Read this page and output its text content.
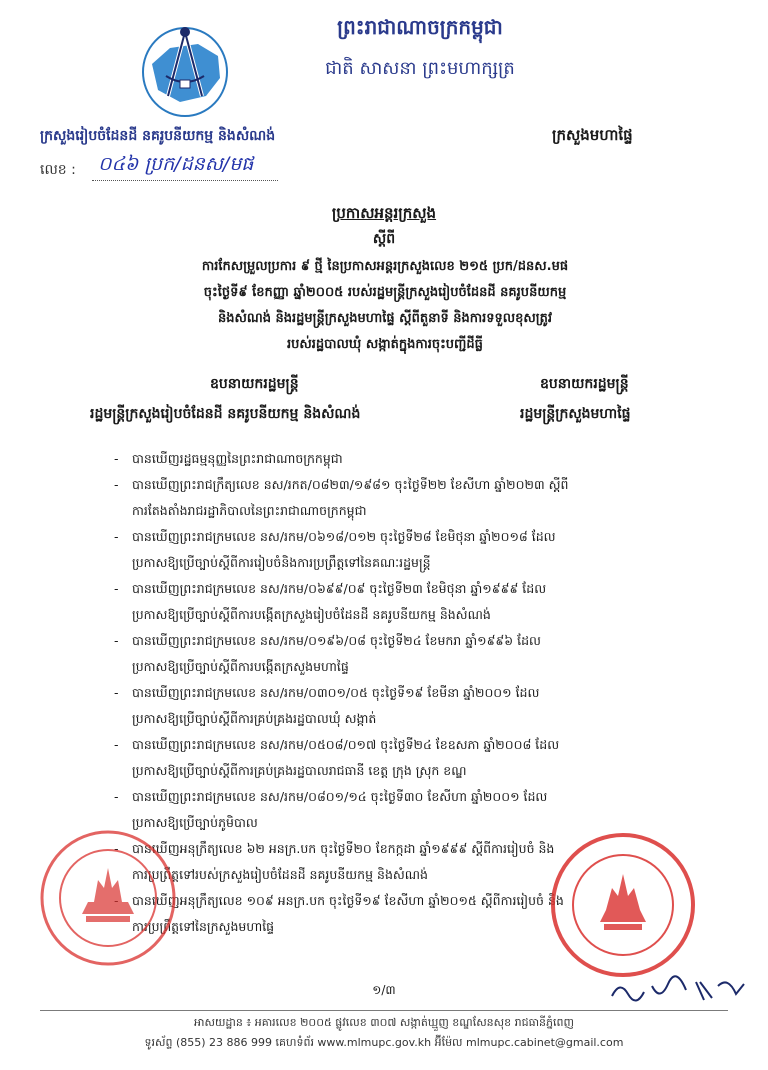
ព្រះរាជាណាចក្រកម្ពុជា
ជាតិ សាសនា ព្រះមហាក្សត្រ
ក្រសួងរៀបចំដែនដី នគរូបនីយកម្ម និងសំណង់	ក្រសួងមហាផ្ទៃ
លេខ :	០៤៦ ប្រក/ដនស/មផ
ប្រកាសអន្តរក្រសួង
ស្តីពី
ការកែសម្រួលប្រការ ៩ ថ្មី នៃប្រកាសអន្តរក្រសួងលេខ ២១៥ ប្រក/ដនស.មផ
ចុះថ្ងៃទី៩ ខែកញ្ញា ឆ្នាំ២០០៥ របស់រដ្ឋមន្ត្រីក្រសួងរៀបចំដែនដី នគរូបនីយកម្ម
និងសំណង់ និងរដ្ឋមន្ត្រីក្រសួងមហាផ្ទៃ ស្តីពីតួនាទី និងការទទួលខុសត្រូវ
របស់រដ្ឋបាលឃុំ សង្កាត់ក្នុងការចុះបញ្ជីដីធ្លី
ឧបនាយករដ្ឋមន្ត្រី
រដ្ឋមន្ត្រីក្រសួងរៀបចំដែនដី នគរូបនីយកម្ម និងសំណង់
ឧបនាយករដ្ឋមន្ត្រី
រដ្ឋមន្ត្រីក្រសួងមហាផ្ទៃ
- បានឃើញរដ្ឋធម្មនុញ្ញនៃព្រះរាជាណាចក្រកម្ពុជា
- បានឃើញព្រះរាជក្រឹត្យលេខ នស/រកត/០៨២៣/១៩៨១ ចុះថ្ងៃទី២២ ខែសីហា ឆ្នាំ២០២៣ ស្តីពី
ការតែងតាំងរាជរដ្ឋាភិបាលនៃព្រះរាជាណាចក្រកម្ពុជា
- បានឃើញព្រះរាជក្រមលេខ នស/រកម/០៦១៨/០១២ ចុះថ្ងៃទី២៨ ខែមិថុនា ឆ្នាំ២០១៨ ដែល
ប្រកាសឱ្យប្រើច្បាប់ស្តីពីការរៀបចំនិងការប្រព្រឹត្តទៅនៃគណៈរដ្ឋមន្ត្រី
- បានឃើញព្រះរាជក្រមលេខ នស/រកម/០៦៩៩/០៩ ចុះថ្ងៃទី២៣ ខែមិថុនា ឆ្នាំ១៩៩៩ ដែល
ប្រកាសឱ្យប្រើច្បាប់ស្តីពីការបង្កើតក្រសួងរៀបចំដែនដី នគរូបនីយកម្ម និងសំណង់
- បានឃើញព្រះរាជក្រមលេខ នស/រកម/០១៩៦/០៨ ចុះថ្ងៃទី២៤ ខែមករា ឆ្នាំ១៩៩៦ ដែល
ប្រកាសឱ្យប្រើច្បាប់ស្តីពីការបង្កើតក្រសួងមហាផ្ទៃ
- បានឃើញព្រះរាជក្រមលេខ នស/រកម/០៣០១/០៥ ចុះថ្ងៃទី១៩ ខែមីនា ឆ្នាំ២០០១ ដែល
ប្រកាសឱ្យប្រើច្បាប់ស្តីពីការគ្រប់គ្រងរដ្ឋបាលឃុំ សង្កាត់
- បានឃើញព្រះរាជក្រមលេខ នស/រកម/០៥០៨/០១៧ ចុះថ្ងៃទី២៤ ខែឧសភា ឆ្នាំ២០០៨ ដែល
ប្រកាសឱ្យប្រើច្បាប់ស្តីពីការគ្រប់គ្រងរដ្ឋបាលរាជធានី ខេត្ត ក្រុង ស្រុក ខណ្ឌ
- បានឃើញព្រះរាជក្រមលេខ នស/រកម/០៨០១/១៤ ចុះថ្ងៃទី៣០ ខែសីហា ឆ្នាំ២០០១ ដែល
ប្រកាសឱ្យប្រើច្បាប់ភូមិបាល
- បានឃើញអនុក្រឹត្យលេខ ៦២ អនក្រ.បក ចុះថ្ងៃទី២០ ខែកក្កដា ឆ្នាំ១៩៩៩ ស្តីពីការរៀបចំ និង
ការប្រព្រឹត្តទៅរបស់ក្រសួងរៀបចំដែនដី នគរូបនីយកម្ម និងសំណង់
- បានឃើញអនុក្រឹត្យលេខ ១០៩ អនក្រ.បក ចុះថ្ងៃទី១៩ ខែសីហា ឆ្នាំ២០១៥ ស្តីពីការរៀបចំ និង
ការប្រព្រឹត្តទៅនៃក្រសួងមហាផ្ទៃ
១/៣
អាសយដ្ឋាន ៖ អគារលេខ ២០០៥ ផ្លូវលេខ ៣០៧ សង្កាត់ឃ្មួញ ខណ្ឌសែនសុខ រាជធានីភ្នំពេញ
ទូរស័ព្ទ (855) 23 886 999 គេហទំព័រ www.mlmupc.gov.kh អ៊ីម៉ែល mlmupc.cabinet@gmail.com
